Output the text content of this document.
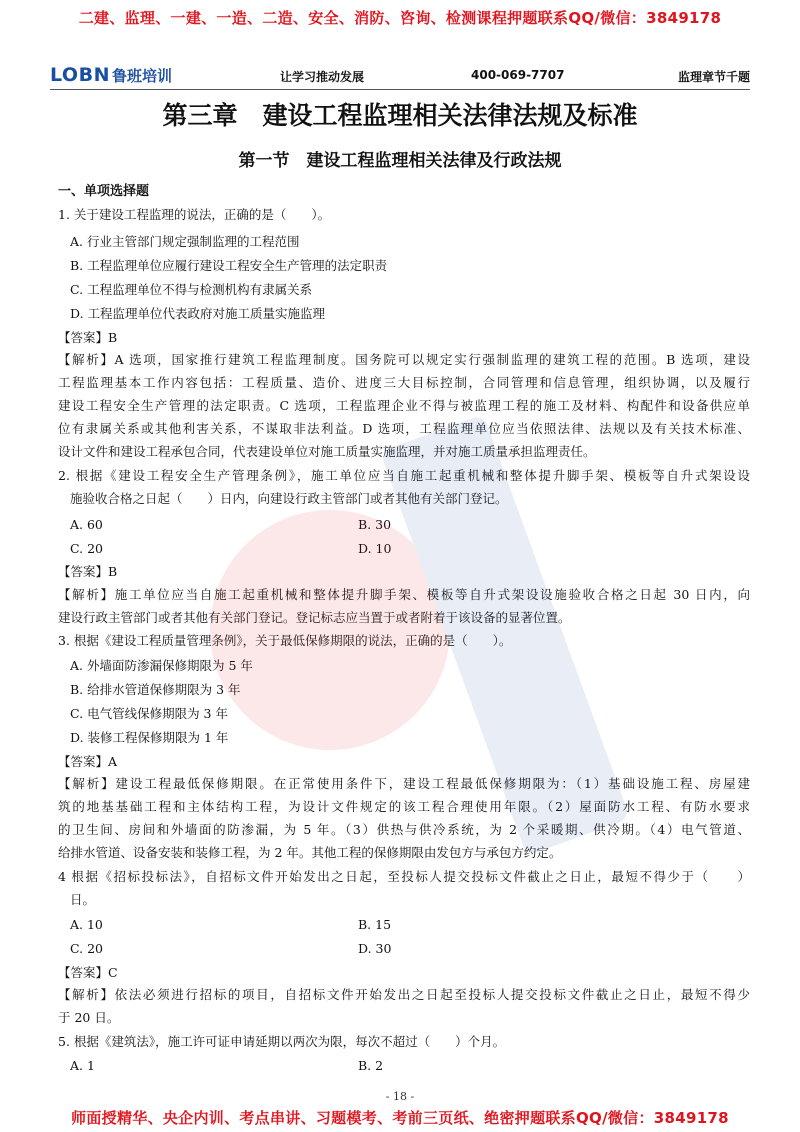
二建、监理、一建、一造、二造、安全、消防、咨询、检测课程押题联系QQ/微信：3849178
LOBN 鲁班培训	让学习推动发展	400-069-7707	监理章节千题
第三章　建设工程监理相关法律法规及标准
第一节　建设工程监理相关法律及行政法规
一、单项选择题
1. 关于建设工程监理的说法，正确的是（　　）。
A. 行业主管部门规定强制监理的工程范围
B. 工程监理单位应履行建设工程安全生产管理的法定职责
C. 工程监理单位不得与检测机构有隶属关系
D. 工程监理单位代表政府对施工质量实施监理
【答案】B
【解析】A 选项，国家推行建筑工程监理制度。国务院可以规定实行强制监理的建筑工程的范围。B 选项，建设
工程监理基本工作内容包括：工程质量、造价、进度三大目标控制，合同管理和信息管理，组织协调，以及履行
建设工程安全生产管理的法定职责。C 选项，工程监理企业不得与被监理工程的施工及材料、构配件和设备供应单
位有隶属关系或其他利害关系，不谋取非法利益。D 选项，工程监理单位应当依照法律、法规以及有关技术标准、
设计文件和建设工程承包合同，代表建设单位对施工质量实施监理，并对施工质量承担监理责任。
2. 根据《建设工程安全生产管理条例》，施工单位应当自施工起重机械和整体提升脚手架、模板等自升式架设设
施验收合格之日起（　　）日内，向建设行政主管部门或者其他有关部门登记。
A. 60	B. 30
C. 20	D. 10
【答案】B
【解析】施工单位应当自施工起重机械和整体提升脚手架、模板等自升式架设设施验收合格之日起 30 日内，向
建设行政主管部门或者其他有关部门登记。登记标志应当置于或者附着于该设备的显著位置。
3. 根据《建设工程质量管理条例》，关于最低保修期限的说法，正确的是（　　）。
A. 外墙面防渗漏保修期限为 5 年
B. 给排水管道保修期限为 3 年
C. 电气管线保修期限为 3 年
D. 装修工程保修期限为 1 年
【答案】A
【解析】建设工程最低保修期限。在正常使用条件下，建设工程最低保修期限为：（1）基础设施工程、房屋建
筑的地基基础工程和主体结构工程，为设计文件规定的该工程合理使用年限。（2）屋面防水工程、有防水要求
的卫生间、房间和外墙面的防渗漏，为 5 年。（3）供热与供冷系统，为 2 个采暖期、供冷期。（4）电气管道、
给排水管道、设备安装和装修工程，为 2 年。其他工程的保修期限由发包方与承包方约定。
4 根据《招标投标法》，自招标文件开始发出之日起，至投标人提交投标文件截止之日止，最短不得少于（　　）
日。
A. 10	B. 15
C. 20	D. 30
【答案】C
【解析】依法必须进行招标的项目，自招标文件开始发出之日起至投标人提交投标文件截止之日止，最短不得少
于 20 日。
5. 根据《建筑法》，施工许可证申请延期以两次为限，每次不超过（　　）个月。
A. 1	B. 2
- 18 -
师面授精华、央企内训、考点串讲、习题模考、考前三页纸、绝密押题联系QQ/微信：3849178
